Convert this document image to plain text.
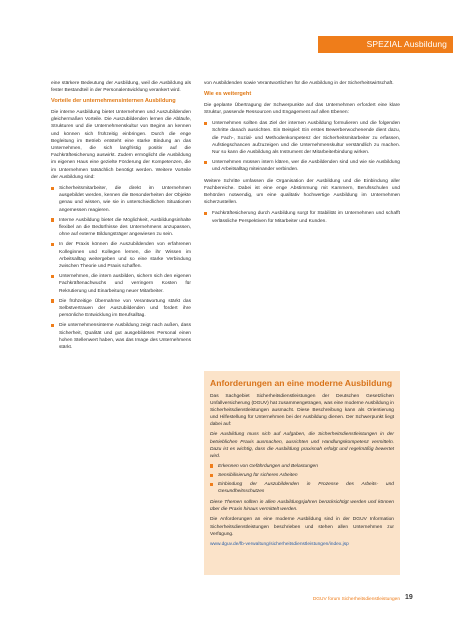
SPEZIAL Ausbildung

eine stärkere Bedeutung der Ausbildung, weil die Ausbildung als fester Bestandteil in der Personalentwicklung verankert wird.

Vorteile der unternehmensinternen Ausbildung

Die interne Ausbildung bietet Unternehmen und Auszubildenden gleichermaßen Vorteile. Die Auszubildenden lernen die Abläufe, Strukturen und die Unternehmenskultur von Beginn an kennen und können sich frühzeitig einbringen. Durch die enge Begleitung im Betrieb entsteht eine starke Bindung an das Unternehmen, die sich langfristig positiv auf die Fachkräftesicherung auswirkt. Zudem ermöglicht die Ausbildung im eigenen Haus eine gezielte Förderung der Kompetenzen, die im Unternehmen tatsächlich benötigt werden. Weitere Vorteile der Ausbildung sind:

Sicherheitsmitarbeiter, die direkt im Unternehmen ausgebildet werden, kennen die Besonderheiten der Objekte genau und wissen, wie sie in unterschiedlichen Situationen angemessen reagieren.
Interne Ausbildung bietet die Möglichkeit, Ausbildungsinhalte flexibel an die Bedürfnisse des Unternehmens anzupassen, ohne auf externe Bildungsträger angewiesen zu sein.
In der Praxis können die Auszubildenden von erfahrenen Kolleginnen und Kollegen lernen, die ihr Wissen im Arbeitsalltag weitergeben und so eine starke Verbindung zwischen Theorie und Praxis schaffen.
Unternehmen, die intern ausbilden, sichern sich den eigenen Fachkräftenachwuchs und verringern Kosten für Rekrutierung und Einarbeitung neuer Mitarbeiter.
Die frühzeitige Übernahme von Verantwortung stärkt das Selbstvertrauen der Auszubildenden und fördert ihre persönliche Entwicklung im Berufsalltag.
Die unternehmensinterne Ausbildung zeigt nach außen, dass Sicherheit, Qualität und gut ausgebildetes Personal einen hohen Stellenwert haben, was das Image des Unternehmens stärkt.

von Ausbildenden sowie Verantwortlichen für die Ausbildung in der Sicherheitswirtschaft.

Wie es weitergeht

Die geplante Übertragung der Schwerpunkte auf das Unternehmen erfordert eine klare Struktur, passende Ressourcen und Engagement auf allen Ebenen:

Unternehmen sollten das Ziel der internen Ausbildung formulieren und die folgenden Schritte danach ausrichten. Ein Beispiel: Ein erstes Bewerberwochenende dient dazu, die Fach-, Sozial- und Methodenkompetenz der Sicherheitsmitarbeiter zu erfassen, Aufstiegschancen aufzuzeigen und die Unternehmenskultur verständlich zu machen. Nur so kann die Ausbildung als Instrument der Mitarbeiterbindung wirken.
Unternehmen müssen intern klären, wer die Ausbildenden sind und wie sie Ausbildung und Arbeitsalltag miteinander verbinden.

Weitere Schritte umfassen die Organisation der Ausbildung und die Einbindung aller Fachbereiche. Dabei ist eine enge Abstimmung mit Kammern, Berufsschulen und Behörden notwendig, um eine qualitativ hochwertige Ausbildung im Unternehmen sicherzustellen.

Fachkräftesicherung durch Ausbildung sorgt für Stabilität im Unternehmen und schafft verlässliche Perspektiven für Mitarbeiter und Kunden.
Anforderungen an eine moderne Ausbildung

Das Sachgebiet Sicherheitsdienstleistungen der Deutschen Gesetzlichen Unfallversicherung (DGUV) hat zusammengetragen, was eine moderne Ausbildung in Sicherheitsdienstleistungen ausmacht. Diese Beschreibung kann als Orientierung und Hilfestellung für Unternehmen bei der Ausbildung dienen. Der Schwerpunkt liegt dabei auf:

Die Ausbildung muss sich auf Aufgaben, die Sicherheitsdienstleistungen in der betrieblichen Praxis ausmachen, ausrichten und Handlungskompetenz vermitteln. Dazu ist es wichtig, dass die Ausbildung praxisnah erfolgt und regelmäßig bewertet wird.

Erkennen von Gefährdungen und Belastungen
Sensibilisierung für sicheres Arbeiten
Einbindung der Auszubildenden in Prozesse des Arbeits- und Gesundheitsschutzes

Diese Themen sollten in allen Ausbildungsjahren berücksichtigt werden und können über die Praxis hinaus vermittelt werden.

Die Anforderungen an eine moderne Ausbildung sind in der DGUV Information Sicherheitsdienstleistungen beschrieben und stehen allen Unternehmen zur Verfügung.

www.dguv.de/fb-verwaltung/sicherheitsdienstleistungen/index.jsp

DGUV forum Sicherheitsdienstleistungen 19
